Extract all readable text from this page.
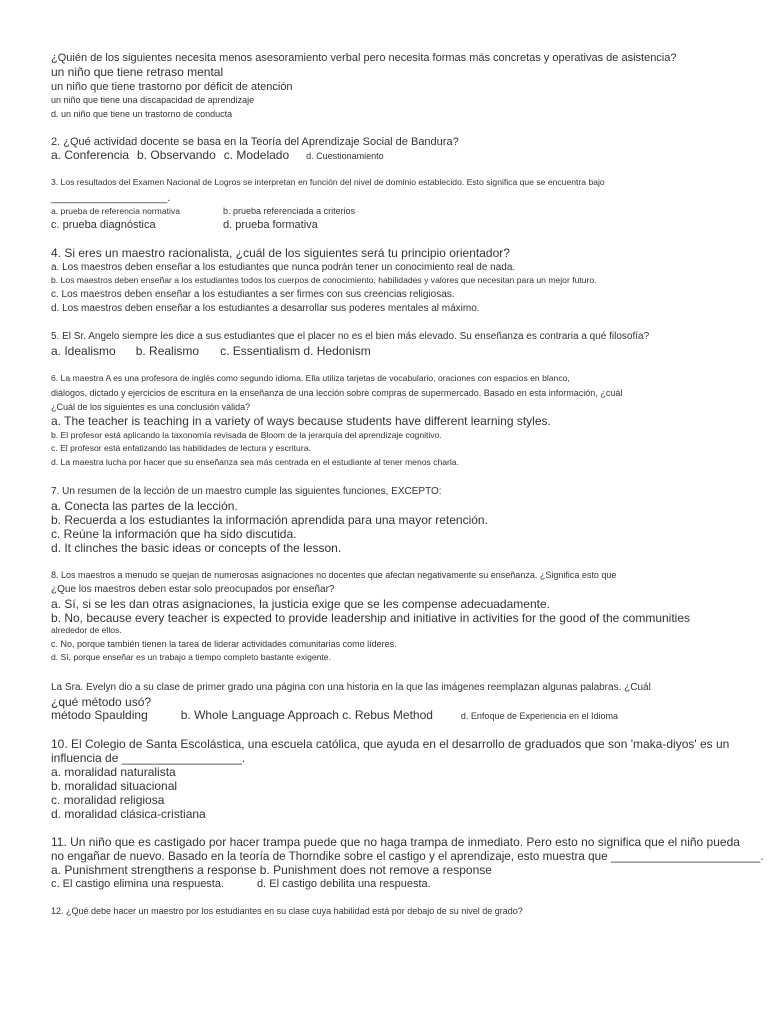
¿Quién de los siguientes necesita menos asesoramiento verbal pero necesita formas más concretas y operativas de asistencia?
un niño que tiene retraso mental
un niño que tiene trastorno por déficit de atención
un niño que tiene una discapacidad de aprendizaje
d. un niño que tiene un trastorno de conducta
2. ¿Qué actividad docente se basa en la Teoría del Aprendizaje Social de Bandura?
a. Conferencia b. Observando c. Modelado d. Cuestionamiento
3. Los resultados del Examen Nacional de Logros se interpretan en función del nivel de dominio establecido. Esto significa que se encuentra bajo
___________________.
a. prueba de referencia normativa	b. prueba referenciada a criterios
c. prueba diagnóstica	d. prueba formativa
4. Si eres un maestro racionalista, ¿cuál de los siguientes será tu principio orientador?
a. Los maestros deben enseñar a los estudiantes que nunca podrán tener un conocimiento real de nada.
b. Los maestros deben enseñar a los estudiantes todos los cuerpos de conocimiento, habilidades y valores que necesitan para un mejor futuro.
c. Los maestros deben enseñar a los estudiantes a ser firmes con sus creencias religiosas.
d. Los maestros deben enseñar a los estudiantes a desarrollar sus poderes mentales al máximo.
5. El Sr. Angelo siempre les dice a sus estudiantes que el placer no es el bien más elevado. Su enseñanza es contraria a qué filosofía?
a. Idealismo b. Realismo c. Essentialism d. Hedonism
6. La maestra A es una profesora de inglés como segundo idioma. Ella utiliza tarjetas de vocabulario, oraciones con espacios en blanco,
diálogos, dictado y ejercicios de escritura en la enseñanza de una lección sobre compras de supermercado. Basado en esta información, ¿cuál
¿Cuál de los siguientes es una conclusión válida?
a. The teacher is teaching in a variety of ways because students have different learning styles.
b. El profesor está aplicando la taxonomía revisada de Bloom de la jerarquía del aprendizaje cognitivo.
c. El profesor está enfatizando las habilidades de lectura y escritura.
d. La maestra lucha por hacer que su enseñanza sea más centrada en el estudiante al tener menos charla.
7. Un resumen de la lección de un maestro cumple las siguientes funciones, EXCEPTO:
a. Conecta las partes de la lección.
b. Recuerda a los estudiantes la información aprendida para una mayor retención.
c. Reúne la información que ha sido discutida.
d. It clinches the basic ideas or concepts of the lesson.
8. Los maestros a menudo se quejan de numerosas asignaciones no docentes que afectan negativamente su enseñanza. ¿Significa esto que
¿Que los maestros deben estar solo preocupados por enseñar?
a. Sí, si se les dan otras asignaciones, la justicia exige que se les compense adecuadamente.
b. No, because every teacher is expected to provide leadership and initiative in activities for the good of the communities
alrededor de ellos.
c. No, porque también tienen la tarea de liderar actividades comunitarias como líderes.
d. Sí, porque enseñar es un trabajo a tiempo completo bastante exigente.
La Sra. Evelyn dio a su clase de primer grado una página con una historia en la que las imágenes reemplazan algunas palabras. ¿Cuál
¿qué método usó?
método Spaulding	b. Whole Language Approach c. Rebus Method	d. Enfoque de Experiencia en el Idioma
10. El Colegio de Santa Escolástica, una escuela católica, que ayuda en el desarrollo de graduados que son 'maka-diyos' es un
influencia de __________________.
a. moralidad naturalista
b. moralidad situacional
c. moralidad religiosa
d. moralidad clásica-cristiana
11. Un niño que es castigado por hacer trampa puede que no haga trampa de inmediato. Pero esto no significa que el niño pueda
no engañar de nuevo. Basado en la teoría de Thorndike sobre el castigo y el aprendizaje, esto muestra que _______________________.
a. Punishment strengthens a response b. Punishment does not remove a response
c. El castigo elimina una respuesta.	d. El castigo debilita una respuesta.
12. ¿Qué debe hacer un maestro por los estudiantes en su clase cuya habilidad está por debajo de su nivel de grado?
